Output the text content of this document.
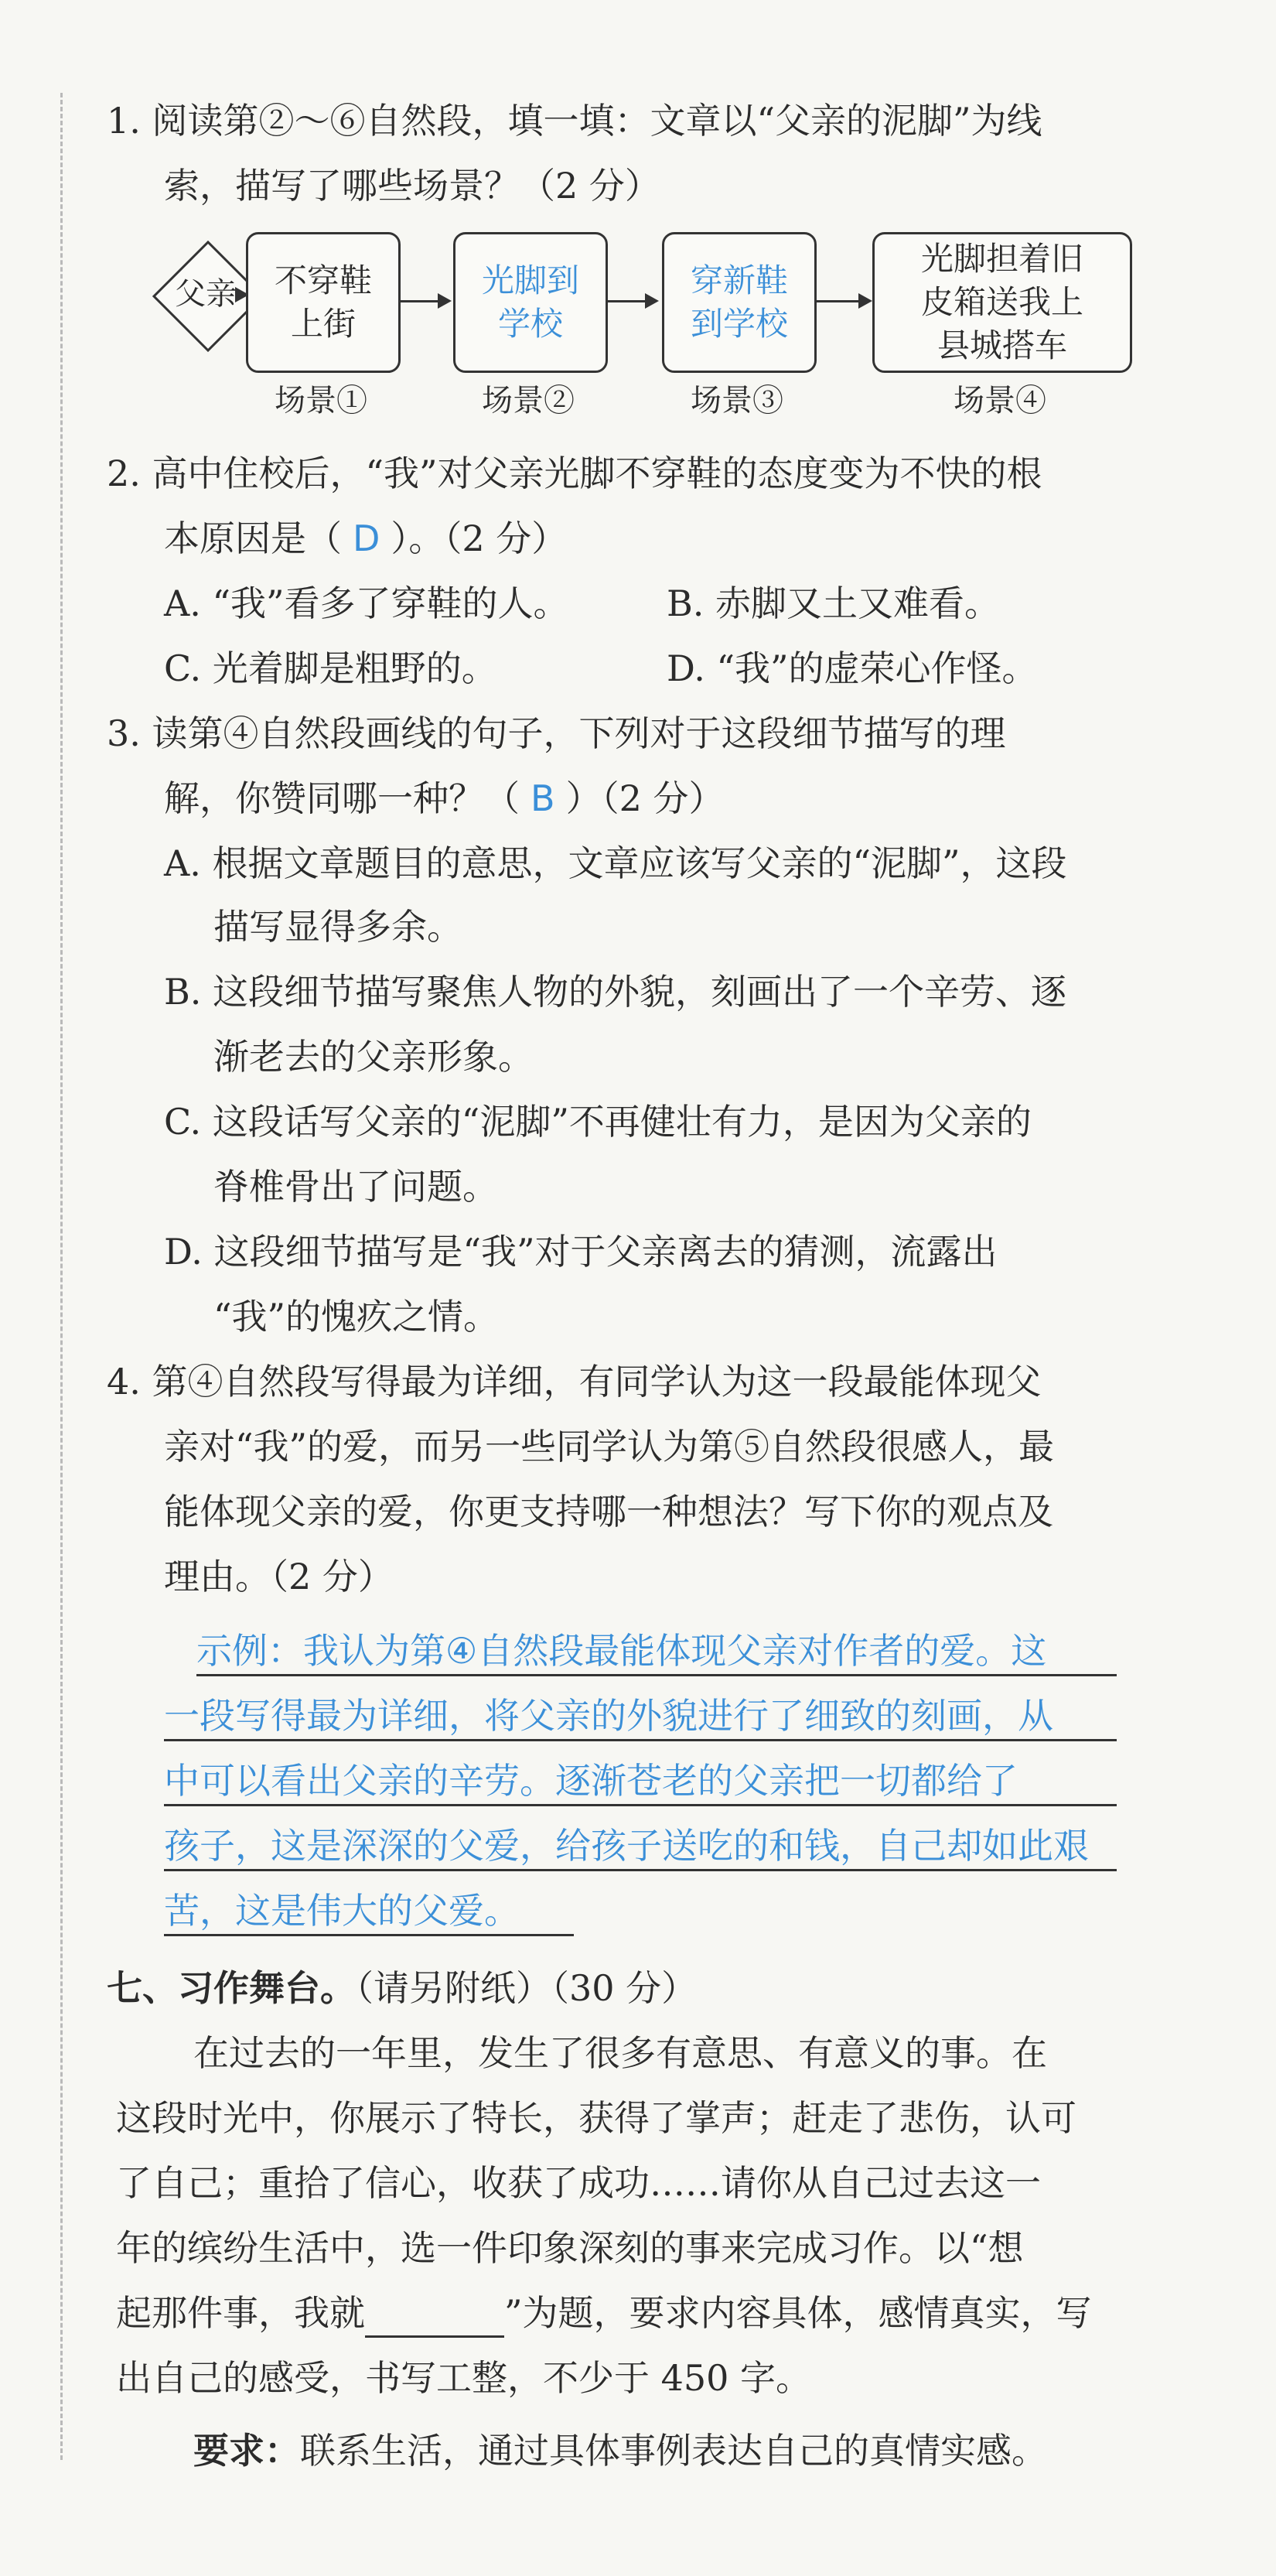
1. 阅读第②～⑥自然段，填一填：文章以“父亲的泥脚”为线
索，描写了哪些场景？（2 分）
父亲	不穿鞋
上街
光脚到
学校
穿新鞋
到学校
光脚担着旧
皮箱送我上
县城搭车
场景①	场景②	场景③	场景④
2. 高中住校后，“我”对父亲光脚不穿鞋的态度变为不快的根
本原因是（ D ）。（2 分）
A. “我”看多了穿鞋的人。	B. 赤脚又土又难看。
C. 光着脚是粗野的。	D. “我”的虚荣心作怪。
3. 读第④自然段画线的句子，下列对于这段细节描写的理
解，你赞同哪一种？（ B ）（2 分）
A. 根据文章题目的意思，文章应该写父亲的“泥脚”，这段
描写显得多余。
B. 这段细节描写聚焦人物的外貌，刻画出了一个辛劳、逐
渐老去的父亲形象。
C. 这段话写父亲的“泥脚”不再健壮有力，是因为父亲的
脊椎骨出了问题。
D. 这段细节描写是“我”对于父亲离去的猜测，流露出
“我”的愧疚之情。
4. 第④自然段写得最为详细，有同学认为这一段最能体现父
亲对“我”的爱，而另一些同学认为第⑤自然段很感人，最
能体现父亲的爱，你更支持哪一种想法？写下你的观点及
理由。（2 分）
示例：我认为第④自然段最能体现父亲对作者的爱。这
一段写得最为详细，将父亲的外貌进行了细致的刻画，从
中可以看出父亲的辛劳。逐渐苍老的父亲把一切都给了
孩子，这是深深的父爱，给孩子送吃的和钱，自己却如此艰
苦，这是伟大的父爱。
七、习作舞台。（请另附纸）（30 分）
在过去的一年里，发生了很多有意思、有意义的事。在
这段时光中，你展示了特长，获得了掌声；赶走了悲伤，认可
了自己；重拾了信心，收获了成功……请你从自己过去这一
年的缤纷生活中，选一件印象深刻的事来完成习作。以“想
起那件事，我就	”为题，要求内容具体，感情真实，写
出自己的感受，书写工整，不少于 450 字。
要求：联系生活，通过具体事例表达自己的真情实感。
